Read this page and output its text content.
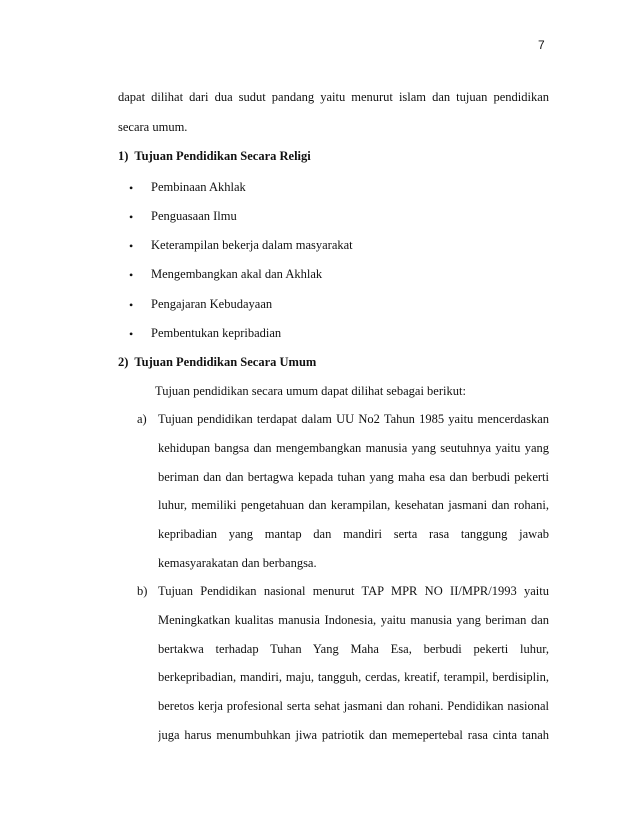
7
dapat dilihat dari dua sudut pandang yaitu menurut islam dan tujuan pendidikan
secara umum.
1)  Tujuan Pendidikan Secara Religi
• Pembinaan Akhlak
• Penguasaan Ilmu
• Keterampilan bekerja dalam masyarakat
• Mengembangkan akal dan Akhlak
• Pengajaran Kebudayaan
• Pembentukan kepribadian
2)  Tujuan Pendidikan Secara Umum
Tujuan pendidikan secara umum dapat dilihat sebagai berikut:
a) Tujuan pendidikan terdapat dalam UU No2 Tahun 1985 yaitu mencerdaskan
kehidupan bangsa dan mengembangkan manusia yang seutuhnya yaitu yang
beriman dan dan bertagwa kepada tuhan yang maha esa dan berbudi pekerti
luhur, memiliki pengetahuan dan kerampilan, kesehatan jasmani dan rohani,
kepribadian yang mantap dan mandiri serta rasa tanggung jawab
kemasyarakatan dan berbangsa.
b) Tujuan Pendidikan nasional menurut TAP MPR NO II/MPR/1993 yaitu
Meningkatkan kualitas manusia Indonesia, yaitu manusia yang beriman dan
bertakwa terhadap Tuhan Yang Maha Esa, berbudi pekerti luhur,
berkepribadian, mandiri, maju, tangguh, cerdas, kreatif, terampil, berdisiplin,
beretos kerja profesional serta sehat jasmani dan rohani. Pendidikan nasional
juga harus menumbuhkan jiwa patriotik dan memepertebal rasa cinta tanah
